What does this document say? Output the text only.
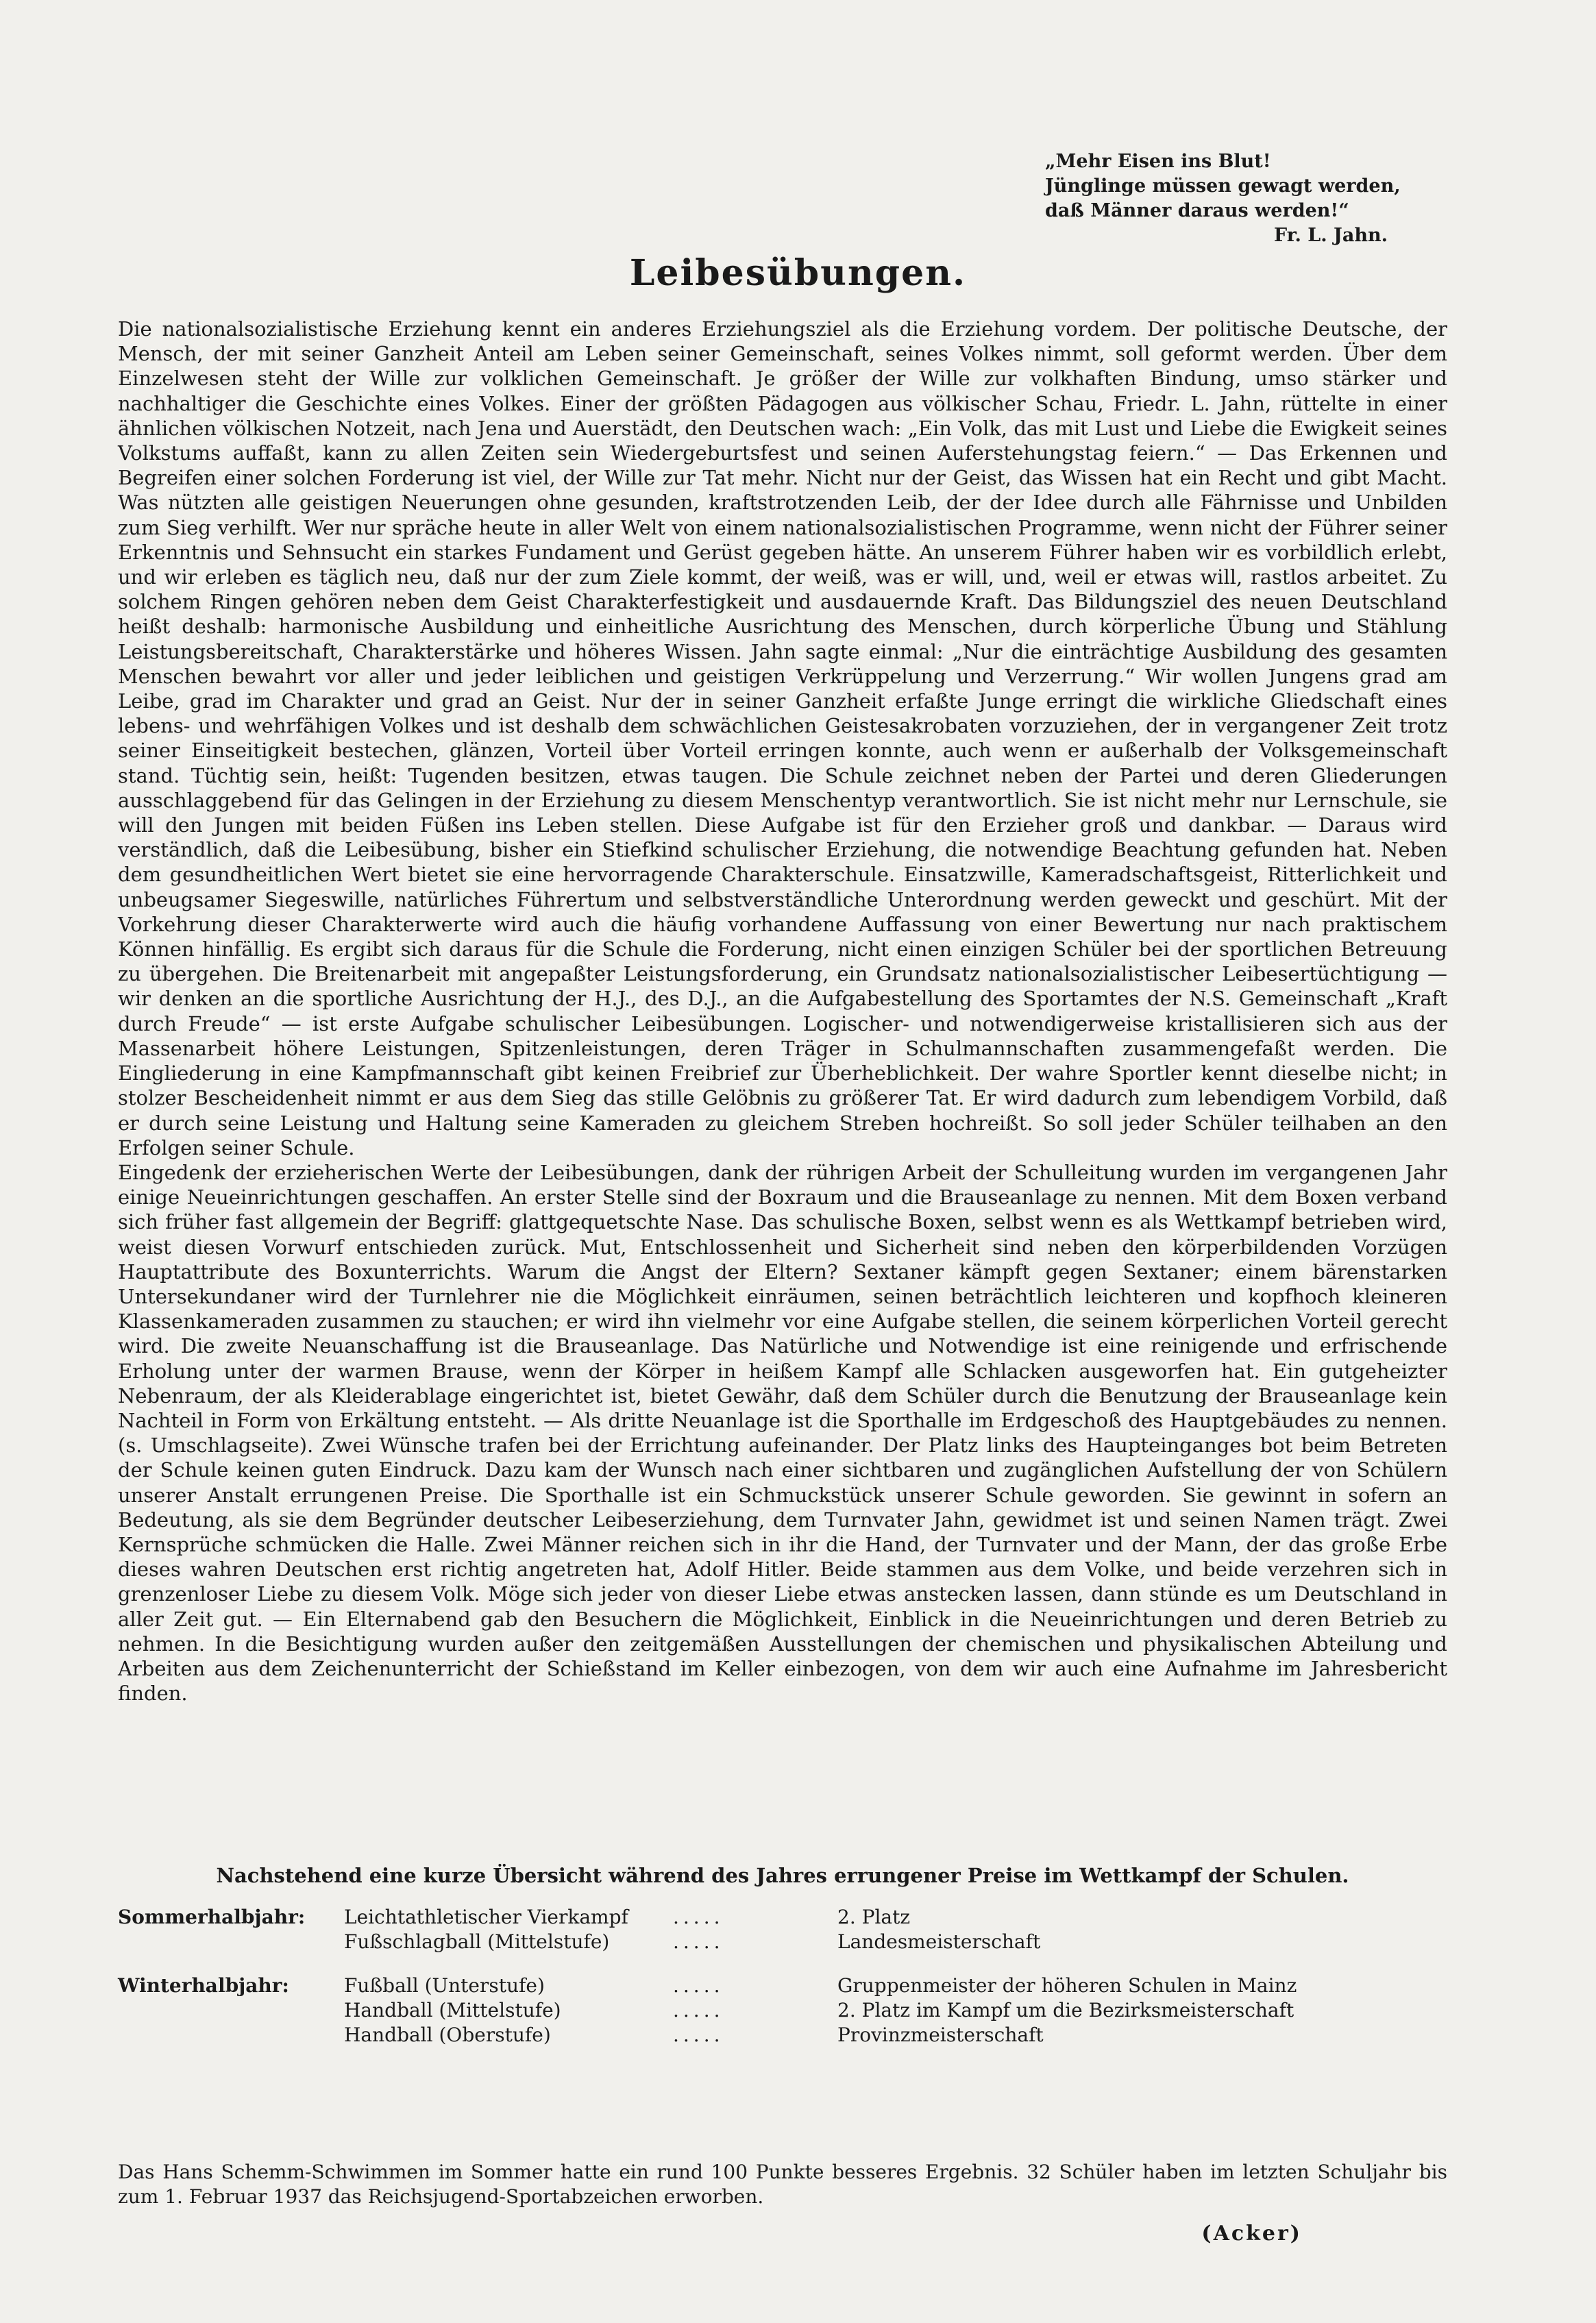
„Mehr Eisen ins Blut!
Jünglinge müssen gewagt werden,
daß Männer daraus werden!“
Fr. L. Jahn.
Leibesübungen.

Die nationalsozialistische Erziehung kennt ein anderes Erziehungsziel als die Erziehung vordem. Der politische Deutsche, der Mensch, der mit seiner Ganzheit Anteil am Leben seiner Gemeinschaft, seines Volkes nimmt, soll geformt werden. Über dem Einzelwesen steht der Wille zur volklichen Gemeinschaft. Je größer der Wille zur volkhaften Bindung, umso stärker und nachhaltiger die Geschichte eines Volkes. Einer der größten Pädagogen aus völkischer Schau, Friedr. L. Jahn, rüttelte in einer ähnlichen völkischen Notzeit, nach Jena und Auerstädt, den Deutschen wach: „Ein Volk, das mit Lust und Liebe die Ewigkeit seines Volkstums auffaßt, kann zu allen Zeiten sein Wiedergeburtsfest und seinen Auferstehungstag feiern.“ — Das Erkennen und Begreifen einer solchen Forderung ist viel, der Wille zur Tat mehr. Nicht nur der Geist, das Wissen hat ein Recht und gibt Macht. Was nützten alle geistigen Neuerungen ohne gesunden, kraftstrotzenden Leib, der der Idee durch alle Fährnisse und Unbilden zum Sieg verhilft. Wer nur spräche heute in aller Welt von einem nationalsozialistischen Programme, wenn nicht der Führer seiner Erkenntnis und Sehnsucht ein starkes Fundament und Gerüst gegeben hätte. An unserem Führer haben wir es vorbildlich erlebt, und wir erleben es täglich neu, daß nur der zum Ziele kommt, der weiß, was er will, und, weil er etwas will, rastlos arbeitet. Zu solchem Ringen gehören neben dem Geist Charakterfestigkeit und ausdauernde Kraft. Das Bildungsziel des neuen Deutschland heißt deshalb: harmonische Ausbildung und einheitliche Ausrichtung des Menschen, durch körperliche Übung und Stählung Leistungsbereitschaft, Charakterstärke und höheres Wissen. Jahn sagte einmal: „Nur die einträchtige Ausbildung des gesamten Menschen bewahrt vor aller und jeder leiblichen und geistigen Verkrüppelung und Verzerrung.“ Wir wollen Jungens grad am Leibe, grad im Charakter und grad an Geist. Nur der in seiner Ganzheit erfaßte Junge erringt die wirkliche Gliedschaft eines lebens- und wehrfähigen Volkes und ist deshalb dem schwächlichen Geistesakrobaten vorzuziehen, der in vergangener Zeit trotz seiner Einseitigkeit bestechen, glänzen, Vorteil über Vorteil erringen konnte, auch wenn er außerhalb der Volksgemeinschaft stand. Tüchtig sein, heißt: Tugenden besitzen, etwas taugen. Die Schule zeichnet neben der Partei und deren Gliederungen ausschlaggebend für das Gelingen in der Erziehung zu diesem Menschentyp verantwortlich. Sie ist nicht mehr nur Lernschule, sie will den Jungen mit beiden Füßen ins Leben stellen. Diese Aufgabe ist für den Erzieher groß und dankbar. — Daraus wird verständlich, daß die Leibesübung, bisher ein Stiefkind schulischer Erziehung, die notwendige Beachtung gefunden hat. Neben dem gesundheitlichen Wert bietet sie eine hervorragende Charakterschule. Einsatzwille, Kameradschaftsgeist, Ritterlichkeit und unbeugsamer Siegeswille, natürliches Führertum und selbstverständliche Unterordnung werden geweckt und geschürt. Mit der Vorkehrung dieser Charakterwerte wird auch die häufig vorhandene Auffassung von einer Bewertung nur nach praktischem Können hinfällig. Es ergibt sich daraus für die Schule die Forderung, nicht einen einzigen Schüler bei der sportlichen Betreuung zu übergehen. Die Breitenarbeit mit angepaßter Leistungsforderung, ein Grundsatz nationalsozialistischer Leibesertüchtigung — wir denken an die sportliche Ausrichtung der H.J., des D.J., an die Aufgabestellung des Sportamtes der N.S. Gemeinschaft „Kraft durch Freude“ — ist erste Aufgabe schulischer Leibesübungen. Logischer- und notwendigerweise kristallisieren sich aus der Massenarbeit höhere Leistungen, Spitzenleistungen, deren Träger in Schulmannschaften zusammengefaßt werden. Die Eingliederung in eine Kampfmannschaft gibt keinen Freibrief zur Überheblichkeit. Der wahre Sportler kennt dieselbe nicht; in stolzer Bescheidenheit nimmt er aus dem Sieg das stille Gelöbnis zu größerer Tat. Er wird dadurch zum lebendigem Vorbild, daß er durch seine Leistung und Haltung seine Kameraden zu gleichem Streben hochreißt. So soll jeder Schüler teilhaben an den Erfolgen seiner Schule.

Eingedenk der erzieherischen Werte der Leibesübungen, dank der rührigen Arbeit der Schulleitung wurden im vergangenen Jahr einige Neueinrichtungen geschaffen. An erster Stelle sind der Boxraum und die Brauseanlage zu nennen. Mit dem Boxen verband sich früher fast allgemein der Begriff: glattgequetschte Nase. Das schulische Boxen, selbst wenn es als Wettkampf betrieben wird, weist diesen Vorwurf entschieden zurück. Mut, Entschlossenheit und Sicherheit sind neben den körperbildenden Vorzügen Hauptattribute des Boxunterrichts. Warum die Angst der Eltern? Sextaner kämpft gegen Sextaner; einem bärenstarken Untersekundaner wird der Turnlehrer nie die Möglichkeit einräumen, seinen beträchtlich leichteren und kopfhoch kleineren Klassenkameraden zusammen zu stauchen; er wird ihn vielmehr vor eine Aufgabe stellen, die seinem körperlichen Vorteil gerecht wird. Die zweite Neuanschaffung ist die Brauseanlage. Das Natürliche und Notwendige ist eine reinigende und erfrischende Erholung unter der warmen Brause, wenn der Körper in heißem Kampf alle Schlacken ausgeworfen hat. Ein gutgeheizter Nebenraum, der als Kleiderablage eingerichtet ist, bietet Gewähr, daß dem Schüler durch die Benutzung der Brauseanlage kein Nachteil in Form von Erkältung entsteht. — Als dritte Neuanlage ist die Sporthalle im Erdgeschoß des Hauptgebäudes zu nennen. (s. Umschlagseite). Zwei Wünsche trafen bei der Errichtung aufeinander. Der Platz links des Haupteinganges bot beim Betreten der Schule keinen guten Eindruck. Dazu kam der Wunsch nach einer sichtbaren und zugänglichen Aufstellung der von Schülern unserer Anstalt errungenen Preise. Die Sporthalle ist ein Schmuckstück unserer Schule geworden. Sie gewinnt in sofern an Bedeutung, als sie dem Begründer deutscher Leibeserziehung, dem Turnvater Jahn, gewidmet ist und seinen Namen trägt. Zwei Kernsprüche schmücken die Halle. Zwei Männer reichen sich in ihr die Hand, der Turnvater und der Mann, der das große Erbe dieses wahren Deutschen erst richtig angetreten hat, Adolf Hitler. Beide stammen aus dem Volke, und beide verzehren sich in grenzenloser Liebe zu diesem Volk. Möge sich jeder von dieser Liebe etwas anstecken lassen, dann stünde es um Deutschland in aller Zeit gut. — Ein Elternabend gab den Besuchern die Möglichkeit, Einblick in die Neueinrichtungen und deren Betrieb zu nehmen. In die Besichtigung wurden außer den zeitgemäßen Ausstellungen der chemischen und physikalischen Abteilung und Arbeiten aus dem Zeichenunterricht der Schießstand im Keller einbezogen, von dem wir auch eine Aufnahme im Jahresbericht finden.

Nachstehend eine kurze Übersicht während des Jahres errungener Preise im Wettkampf der Schulen.
Sommerhalbjahr:	Leichtathletischer Vierkampf	.....	2. Platz
Fußschlagball (Mittelstufe)	.....	Landesmeisterschaft
Winterhalbjahr:	Fußball (Unterstufe)	.....	Gruppenmeister der höheren Schulen in Mainz
Handball (Mittelstufe)	.....	2. Platz im Kampf um die Bezirksmeisterschaft
Handball (Oberstufe)	.....	Provinzmeisterschaft
Das Hans Schemm-Schwimmen im Sommer hatte ein rund 100 Punkte besseres Ergebnis. 32 Schüler haben im letzten Schuljahr bis zum 1. Februar 1937 das Reichsjugend-Sportabzeichen erworben.
(Acker)
